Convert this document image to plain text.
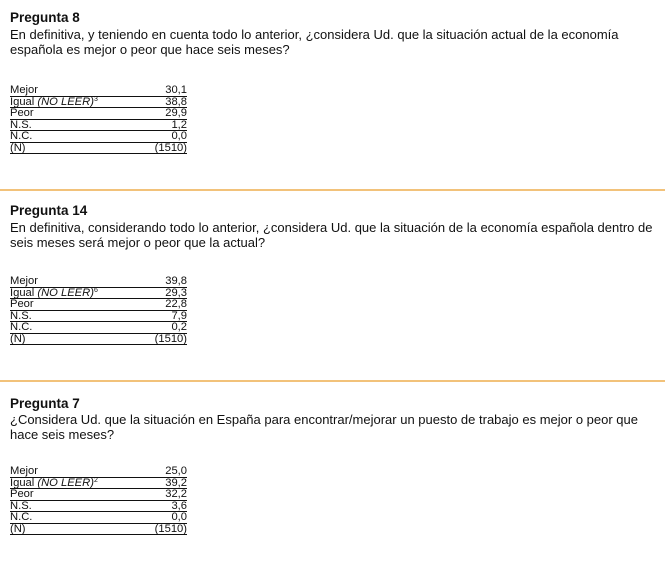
Pregunta 8
En definitiva, y teniendo en cuenta todo lo anterior, ¿considera Ud. que la situación actual de la economía española es mejor o peor que hace seis meses?
Mejor	30,1
Igual (NO LEER)$^3$	38,8
Peor	29,9
N.S.	1,2
N.C.	0,0
(N)	(1510)
Pregunta 14
En definitiva, considerando todo lo anterior, ¿considera Ud. que la situación de la economía española dentro de seis meses será mejor o peor que la actual?
Mejor	39,8
Igual (NO LEER)$^6$	29,3
Peor	22,8
N.S.	7,9
N.C.	0,2
(N)	(1510)
Pregunta 7
¿Considera Ud. que la situación en España para encontrar/mejorar un puesto de trabajo es mejor o peor que hace seis meses?
Mejor	25,0
Igual (NO LEER)$^2$	39,2
Peor	32,2
N.S.	3,6
N.C.	0,0
(N)	(1510)
